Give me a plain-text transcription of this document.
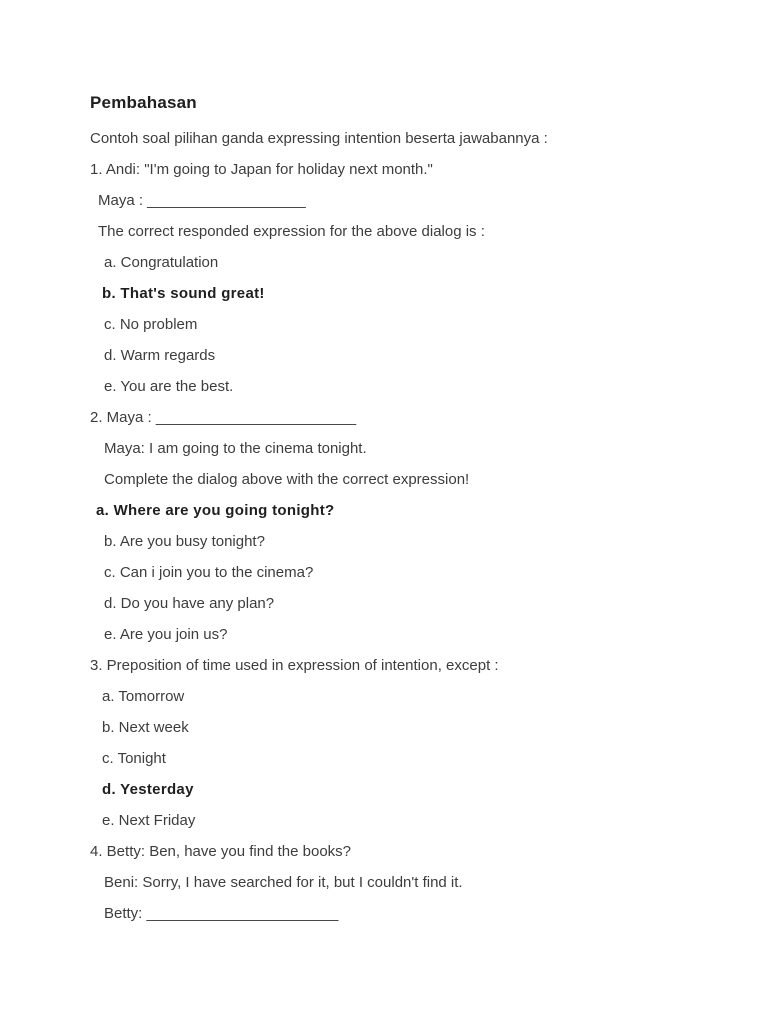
Pembahasan
Contoh soal pilihan ganda expressing intention beserta jawabannya :
1. Andi: "I'm going to Japan for holiday next month."
Maya : ___________________
The correct responded expression for the above dialog is :
a. Congratulation
b. That's sound great!
c. No problem
d. Warm regards
e. You are the best.
2. Maya : ________________________
Maya: I am going to the cinema tonight.
Complete the dialog above with the correct expression!
a. Where are you going tonight?
b. Are you busy tonight?
c. Can i join you to the cinema?
d. Do you have any plan?
e. Are you join us?
3. Preposition of time used in expression of intention, except :
a. Tomorrow
b. Next week
c. Tonight
d. Yesterday
e. Next Friday
4. Betty: Ben, have you find the books?
Beni: Sorry, I have searched for it, but I couldn't find it.
Betty: _______________________
